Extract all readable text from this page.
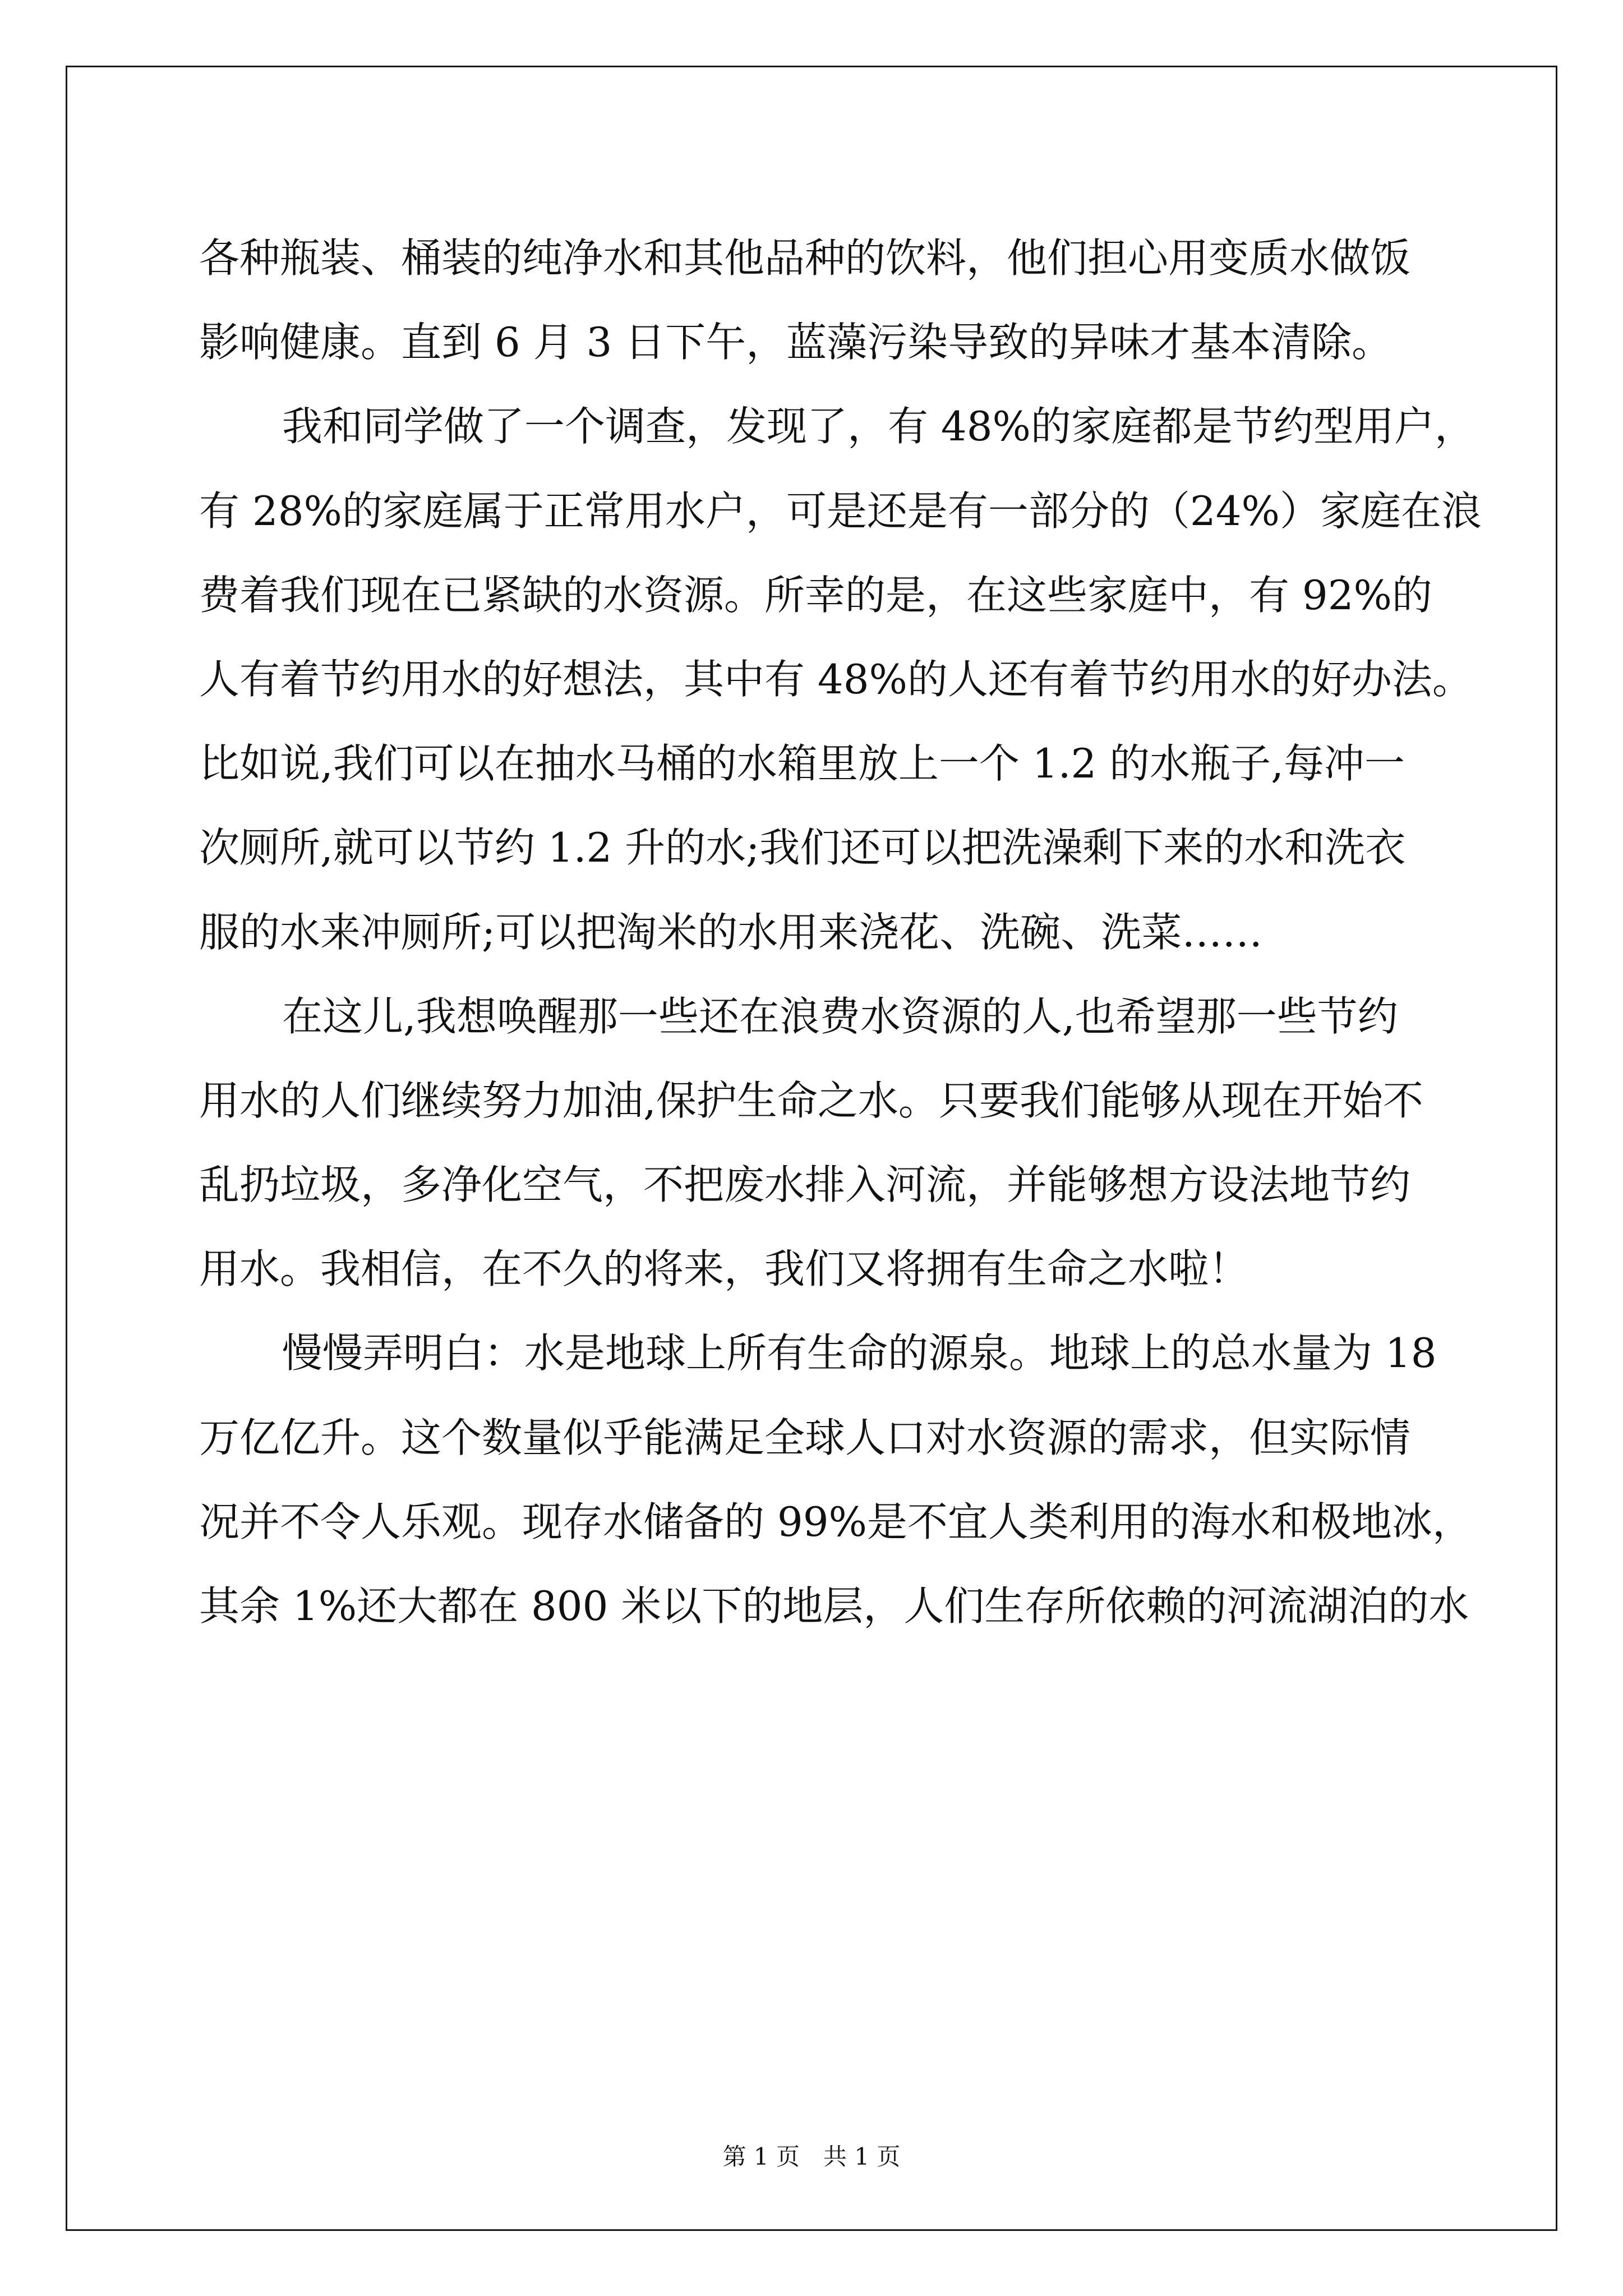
各种瓶装、桶装的纯净水和其他品种的饮料，他们担心用变质水做饭
影响健康。直到 6 月 3 日下午，蓝藻污染导致的异味才基本清除。
我和同学做了一个调查，发现了，有 48%的家庭都是节约型用户，
有 28%的家庭属于正常用水户，可是还是有一部分的（24%）家庭在浪
费着我们现在已紧缺的水资源。所幸的是，在这些家庭中，有 92%的
人有着节约用水的好想法，其中有 48%的人还有着节约用水的好办法。
比如说,我们可以在抽水马桶的水箱里放上一个 1.2 的水瓶子,每冲一
次厕所,就可以节约 1.2 升的水;我们还可以把洗澡剩下来的水和洗衣
服的水来冲厕所;可以把淘米的水用来浇花、洗碗、洗菜……
在这儿,我想唤醒那一些还在浪费水资源的人,也希望那一些节约
用水的人们继续努力加油,保护生命之水。只要我们能够从现在开始不
乱扔垃圾，多净化空气，不把废水排入河流，并能够想方设法地节约
用水。我相信，在不久的将来，我们又将拥有生命之水啦！
慢慢弄明白：水是地球上所有生命的源泉。地球上的总水量为 18
万亿亿升。这个数量似乎能满足全球人口对水资源的需求，但实际情
况并不令人乐观。现存水储备的 99%是不宜人类利用的海水和极地冰，
其余 1%还大都在 800 米以下的地层，人们生存所依赖的河流湖泊的水
第 1 页　共 1 页
